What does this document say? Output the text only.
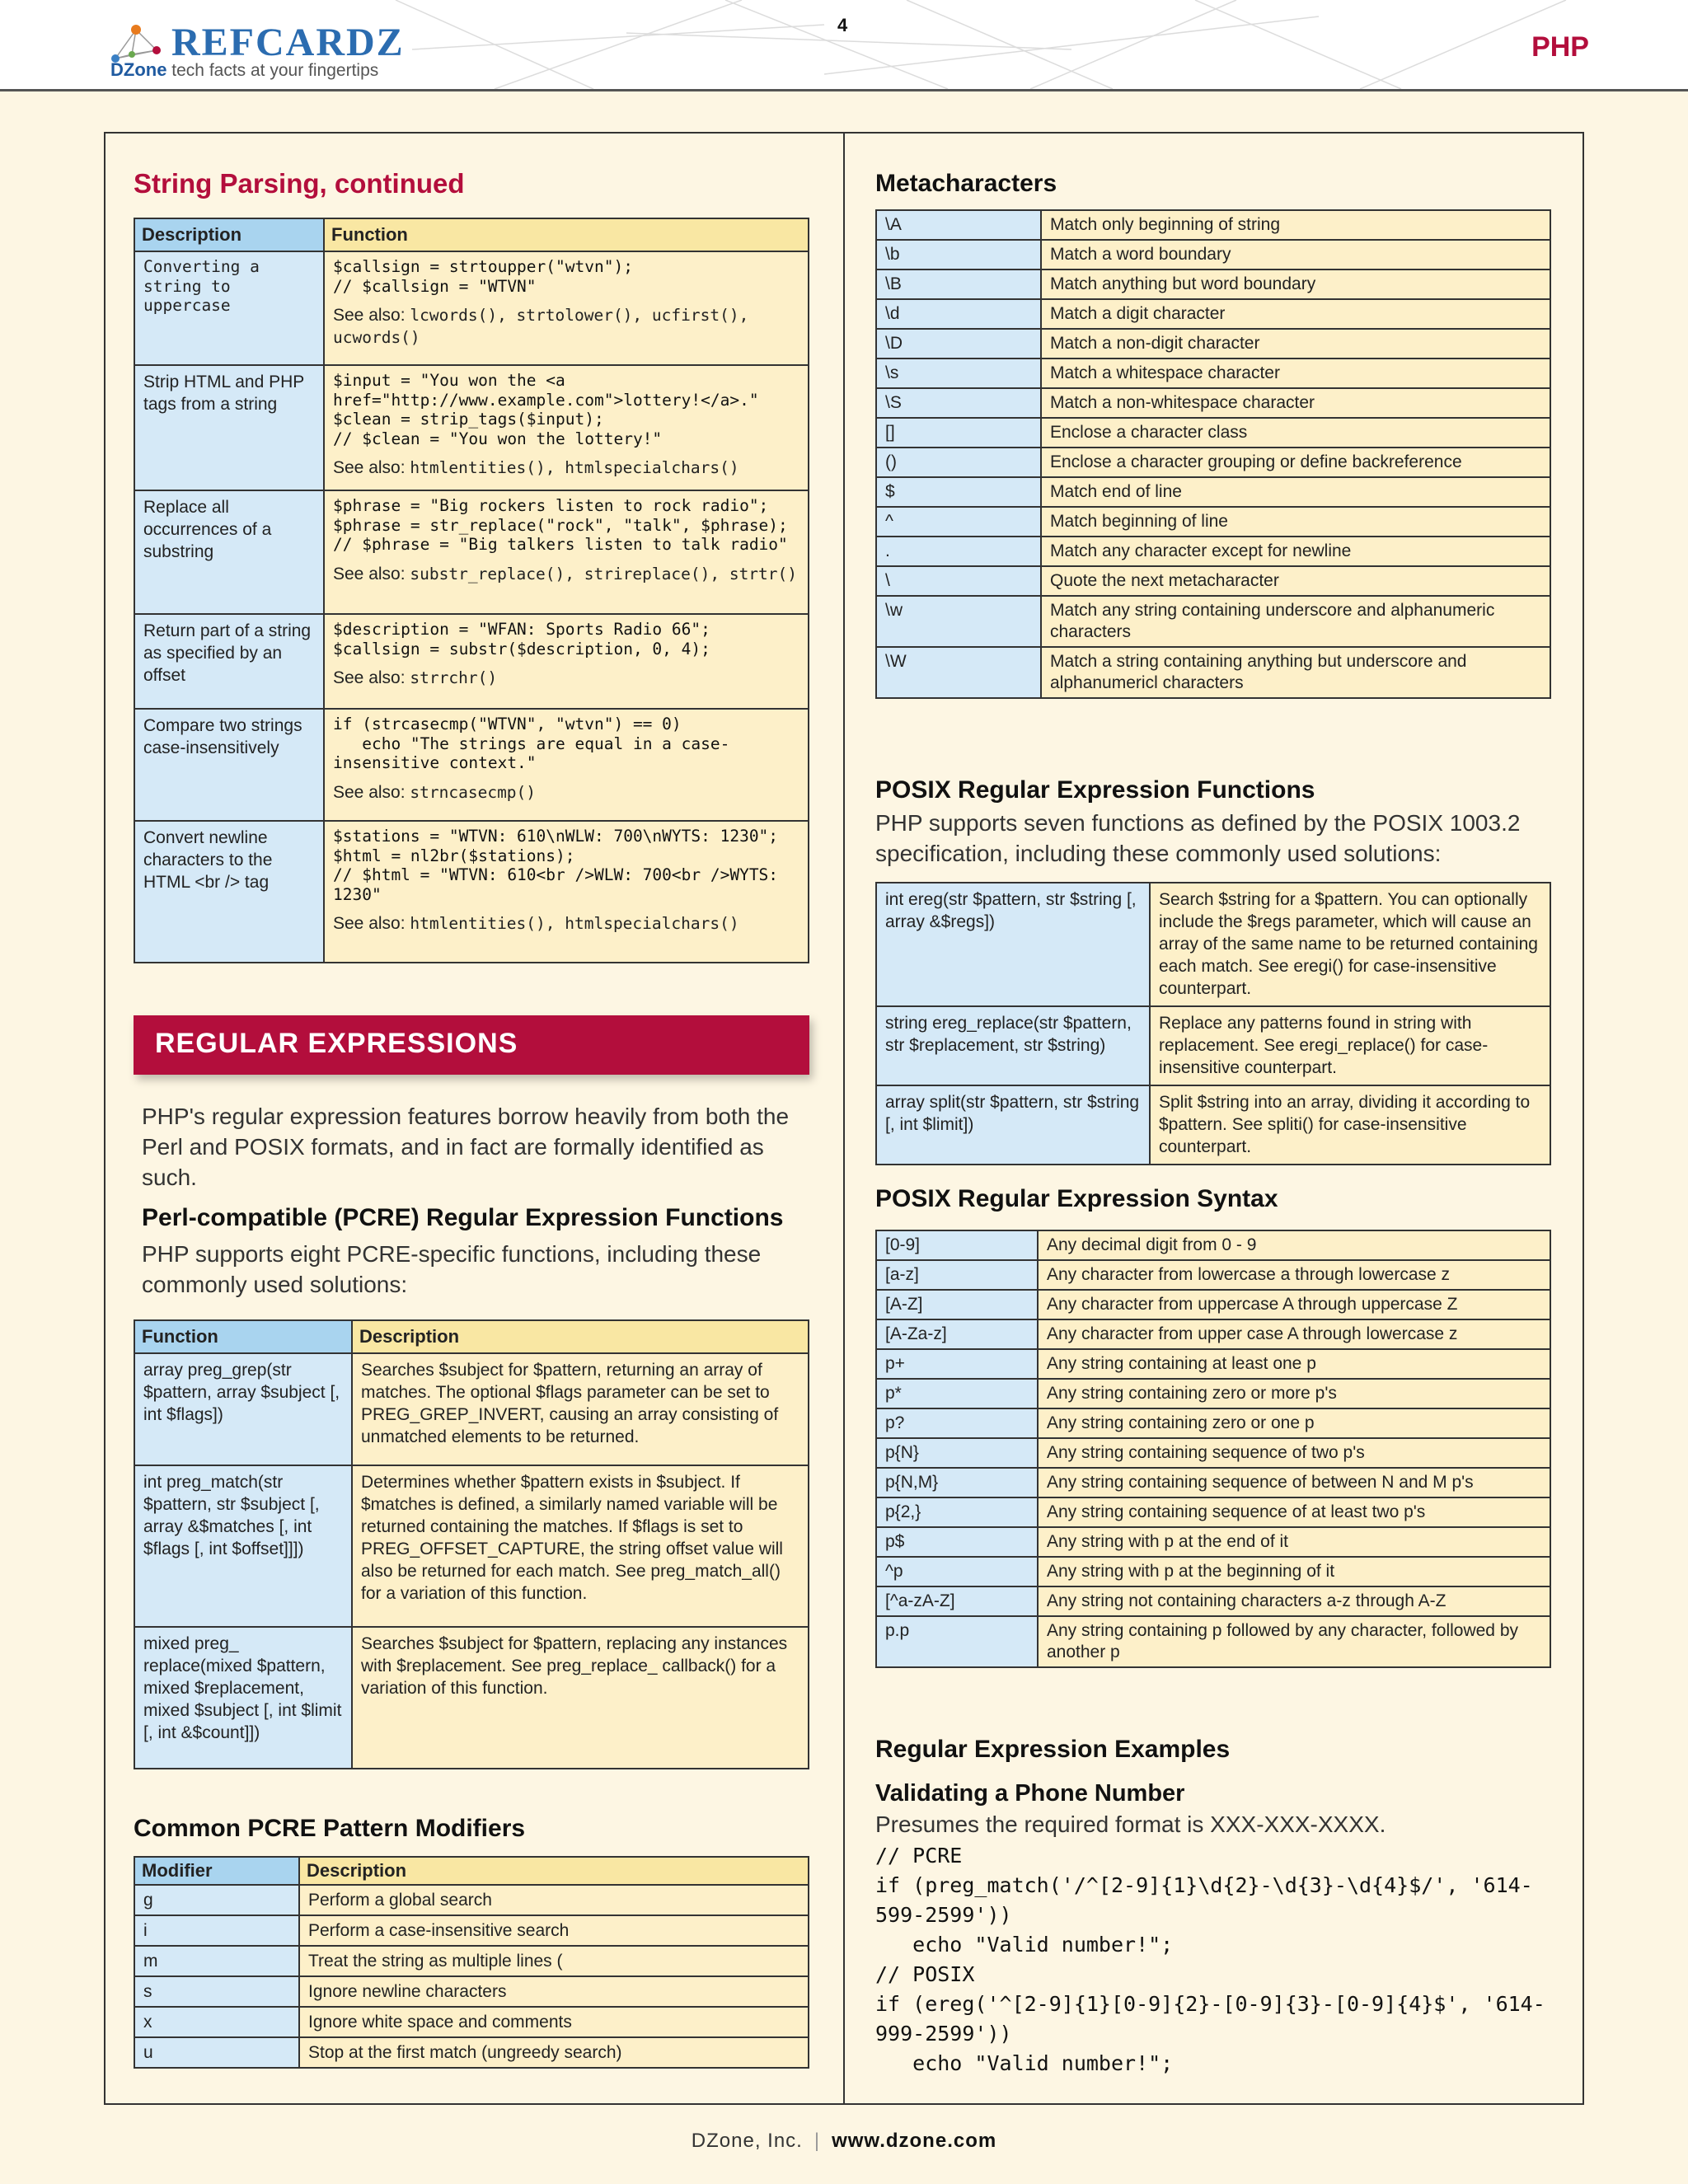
REFCARDZ
DZone tech facts at your fingertips
4
PHP
String Parsing, continued
Description	Function

Converting a string to uppercase	$callsign = strtoupper("wtvn");
// $callsign = "WTVN"
See also: lcwords(), strtolower(), ucfirst(), ucwords()

Strip HTML and PHP tags from a string	$input = "You won the <a href="http://www.example.com">lottery!</a>."
$clean = strip_tags($input);
// $clean = "You won the lottery!"
See also: htmlentities(), htmlspecialchars()

Replace all occurrences of a substring	$phrase = "Big rockers listen to rock radio";
$phrase = str_replace("rock", "talk", $phrase);
// $phrase = "Big talkers listen to talk radio"
See also: substr_replace(), strireplace(), strtr()

Return part of a string as specified by an offset	$description = "WFAN: Sports Radio 66";
$callsign = substr($description, 0, 4);
See also: strrchr()

Compare two strings case-insensitively	if (strcasecmp("WTVN", "wtvn") == 0)
echo "The strings are equal in a case-insensitive context."
See also: strncasecmp()

Convert newline characters to the HTML <br /> tag	$stations = "WTVN: 610\nWLW: 700\nWYTS: 1230";
$html = nl2br($stations);
// $html = "WTVN: 610<br />WLW: 700<br />WYTS: 1230"
See also: htmlentities(), htmlspecialchars()
REGULAR EXPRESSIONS

PHP's regular expression features borrow heavily from both the Perl and POSIX formats, and in fact are formally identified as such.

Perl-compatible (PCRE) Regular Expression Functions

PHP supports eight PCRE-specific functions, including these commonly used solutions:

Function	Description
array preg_grep(str $pattern, array $subject [, int $flags])	Searches $subject for $pattern, returning an array of matches. The optional $flags parameter can be set to PREG_GREP_INVERT, causing an array consisting of unmatched elements to be returned.
int preg_match(str $pattern, str $subject [, array &$matches [, int $flags [, int $offset]]])	Determines whether $pattern exists in $subject. If $matches is defined, a similarly named variable will be returned containing the matches. If $flags is set to PREG_OFFSET_CAPTURE, the string offset value will also be returned for each match. See preg_match_all() for a variation of this function.
mixed preg_ replace(mixed $pattern, mixed $replacement, mixed $subject [, int $limit [, int &$count]])	Searches $subject for $pattern, replacing any instances with $replacement. See preg_replace_ callback() for a variation of this function.
Common PCRE Pattern Modifiers
Modifier	Description
g	Perform a global search
i	Perform a case-insensitive search
m	Treat the string as multiple lines (
s	Ignore newline characters
x	Ignore white space and comments
u	Stop at the first match (ungreedy search)
Metacharacters
\A	Match only beginning of string
\b	Match a word boundary
\B	Match anything but word boundary
\d	Match a digit character
\D	Match a non-digit character
\s	Match a whitespace character
\S	Match a non-whitespace character
[]	Enclose a character class
()	Enclose a character grouping or define backreference
$	Match end of line
^	Match beginning of line
.	Match any character except for newline
\	Quote the next metacharacter
\w	Match any string containing underscore and alphanumeric characters
\W	Match a string containing anything but underscore and alphanumericl characters
POSIX Regular Expression Functions

PHP supports seven functions as defined by the POSIX 1003.2 specification, including these commonly used solutions:

int ereg(str $pattern, str $string [, array &$regs])	Search $string for a $pattern. You can optionally include the $regs parameter, which will cause an array of the same name to be returned containing each match. See eregi() for case-insensitive counterpart.
string ereg_replace(str $pattern, str $replacement, str $string)	Replace any patterns found in string with replacement. See eregi_replace() for case-insensitive counterpart.
array split(str $pattern, str $string [, int $limit])	Split $string into an array, dividing it according to $pattern. See spliti() for case-insensitive counterpart.
POSIX Regular Expression Syntax
[0-9]	Any decimal digit from 0 - 9
[a-z]	Any character from lowercase a through lowercase z
[A-Z]	Any character from uppercase A through uppercase Z
[A-Za-z]	Any character from upper case A through lowercase z
p+	Any string containing at least one p
p*	Any string containing zero or more p's
p?	Any string containing zero or one p
p{N}	Any string containing sequence of two p's
p{N,M}	Any string containing sequence of between N and M p's
p{2,}	Any string containing sequence of at least two p's
p$	Any string with p at the end of it
^p	Any string with p at the beginning of it
[^a-zA-Z]	Any string not containing characters a-z through A-Z
p.p	Any string containing p followed by any character, followed by another p
Regular Expression Examples
Validating a Phone Number

Presumes the required format is XXX-XXX-XXXX.

// PCRE
if (preg_match('/^[2-9]{1}\d{2}-\d{3}-\d{4}$/', '614-599-2599'))
echo "Valid number!";
// POSIX
if (ereg('^[2-9]{1}[0-9]{2}-[0-9]{3}-[0-9]{4}$', '614-999-2599'))
echo "Valid number!";
DZone, Inc. | www.dzone.com
